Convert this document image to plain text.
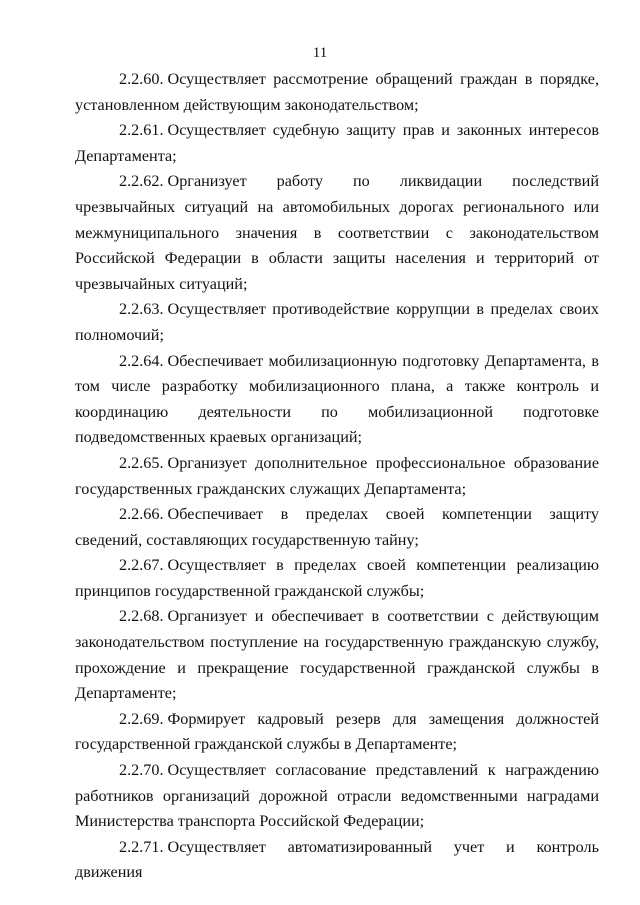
11

2.2.60. Осуществляет рассмотрение обращений граждан в порядке, установленном действующим законодательством;

2.2.61. Осуществляет судебную защиту прав и законных интересов Департамента;

2.2.62. Организует работу по ликвидации последствий чрезвычайных ситуаций на автомобильных дорогах регионального или межмуниципального значения в соответствии с законодательством Российской Федерации в области защиты населения и территорий от чрезвычайных ситуаций;

2.2.63. Осуществляет противодействие коррупции в пределах своих полномочий;

2.2.64. Обеспечивает мобилизационную подготовку Департамента, в том числе разработку мобилизационного плана, а также контроль и координацию деятельности по мобилизационной подготовке подведомственных краевых организаций;

2.2.65. Организует дополнительное профессиональное образование государственных гражданских служащих Департамента;

2.2.66. Обеспечивает в пределах своей компетенции защиту сведений, составляющих государственную тайну;

2.2.67. Осуществляет в пределах своей компетенции реализацию принципов государственной гражданской службы;

2.2.68. Организует и обеспечивает в соответствии с действующим законодательством поступление на государственную гражданскую службу, прохождение и прекращение государственной гражданской службы в Департаменте;

2.2.69. Формирует кадровый резерв для замещения должностей государственной гражданской службы в Департаменте;

2.2.70. Осуществляет согласование представлений к награждению работников организаций дорожной отрасли ведомственными наградами Министерства транспорта Российской Федерации;

2.2.71. Осуществляет автоматизированный учет и контроль движения
